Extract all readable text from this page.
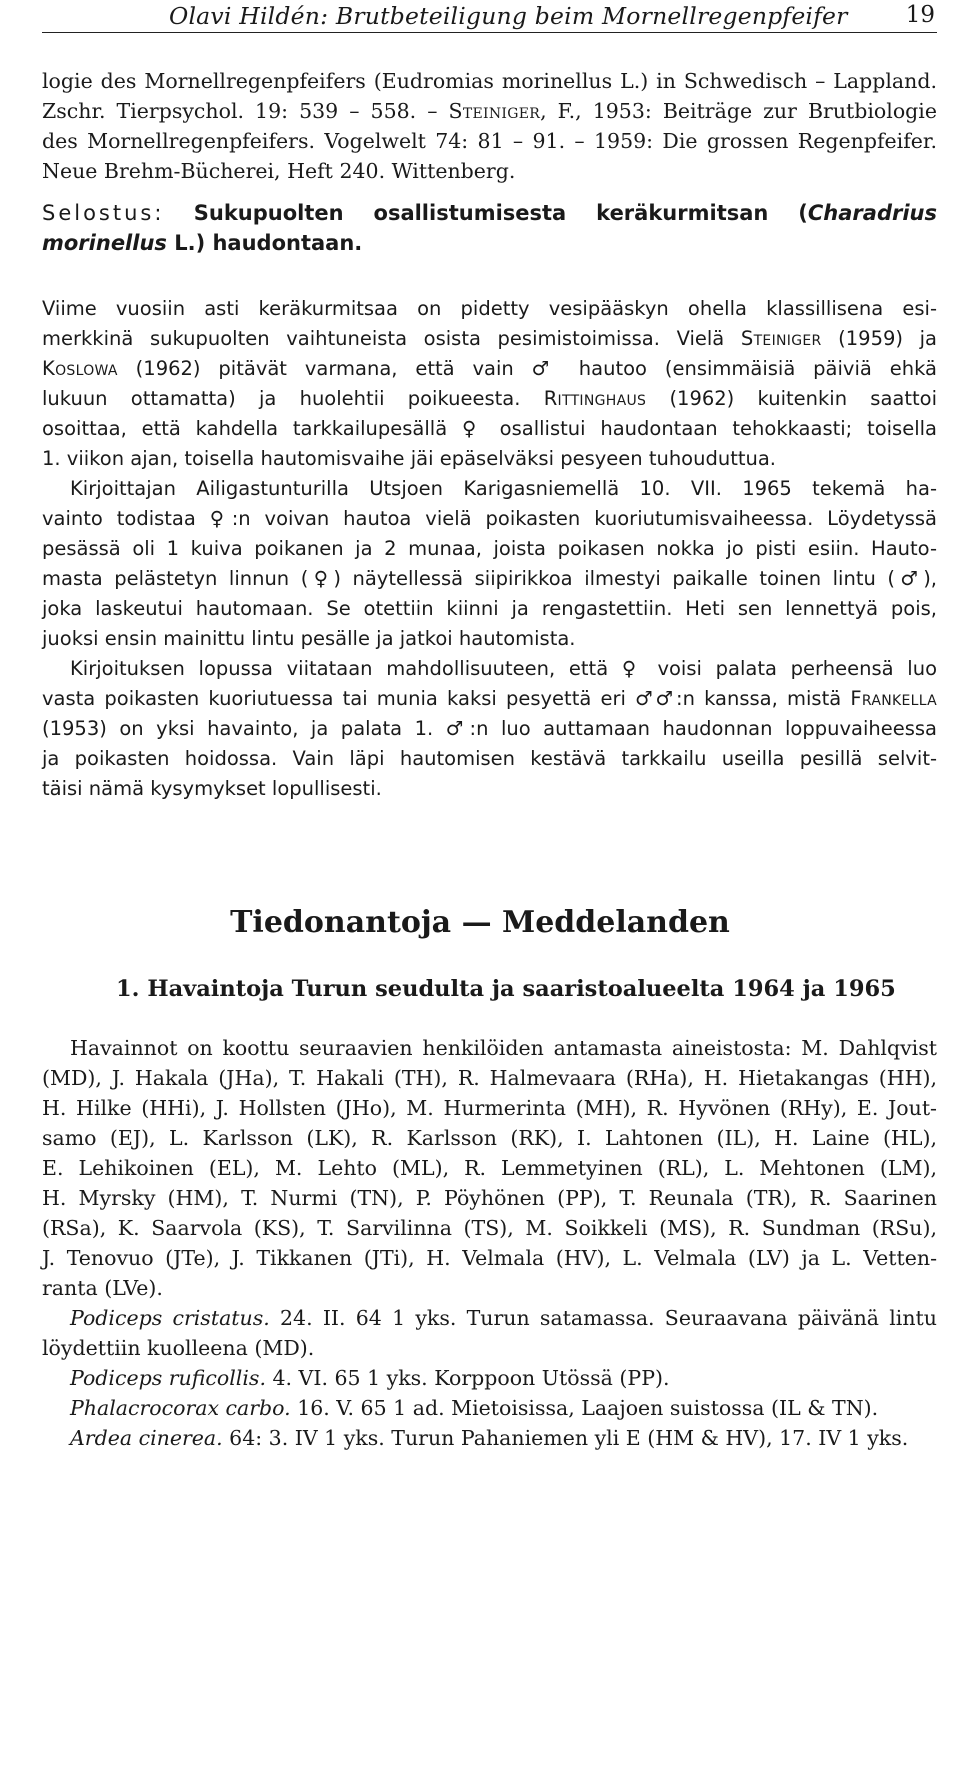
Olavi Hildén: Brutbeteiligung beim Mornellregenpfeifer	19
logie des Mornellregenpfeifers (Eudromias morinellus L.) in Schwedisch – Lappland.
Zschr. Tierpsychol. 19: 539 – 558. – Steiniger, F., 1953: Beiträge zur Brutbiologie
des Mornellregenpfeifers. Vogelwelt 74: 81 – 91. – 1959: Die grossen Regenpfeifer.
Neue Brehm-Bücherei, Heft 240. Wittenberg.
Selostus: Sukupuolten osallistumisesta keräkurmitsan (Charadrius
morinellus L.) haudontaan.
Viime vuosiin asti keräkurmitsaa on pidetty vesipääskyn ohella klassillisena esi-
merkkinä sukupuolten vaihtuneista osista pesimistoimissa. Vielä Steiniger (1959) ja
Koslowa (1962) pitävät varmana, että vain ♂ hautoo (ensimmäisiä päiviä ehkä
lukuun ottamatta) ja huolehtii poikueesta. Rittinghaus (1962) kuitenkin saattoi
osoittaa, että kahdella tarkkailupesällä ♀ osallistui haudontaan tehokkaasti; toisella
1. viikon ajan, toisella hautomisvaihe jäi epäselväksi pesyeen tuhouduttua.
Kirjoittajan Ailigastunturilla Utsjoen Karigasniemellä 10. VII. 1965 tekemä ha-
vainto todistaa ♀:n voivan hautoa vielä poikasten kuoriutumisvaiheessa. Löydetyssä
pesässä oli 1 kuiva poikanen ja 2 munaa, joista poikasen nokka jo pisti esiin. Hauto-
masta pelästetyn linnun (♀) näytellessä siipirikkoa ilmestyi paikalle toinen lintu (♂),
joka laskeutui hautomaan. Se otettiin kiinni ja rengastettiin. Heti sen lennettyä pois,
juoksi ensin mainittu lintu pesälle ja jatkoi hautomista.
Kirjoituksen lopussa viitataan mahdollisuuteen, että ♀ voisi palata perheensä luo
vasta poikasten kuoriutuessa tai munia kaksi pesyettä eri ♂♂:n kanssa, mistä Frankella
(1953) on yksi havainto, ja palata 1. ♂:n luo auttamaan haudonnan loppuvaiheessa
ja poikasten hoidossa. Vain läpi hautomisen kestävä tarkkailu useilla pesillä selvit-
täisi nämä kysymykset lopullisesti.
Tiedonantoja — Meddelanden
1. Havaintoja Turun seudulta ja saaristoalueelta 1964 ja 1965
Havainnot on koottu seuraavien henkilöiden antamasta aineistosta: M. Dahlqvist
(MD), J. Hakala (JHa), T. Hakali (TH), R. Halmevaara (RHa), H. Hietakangas (HH),
H. Hilke (HHi), J. Hollsten (JHo), M. Hurmerinta (MH), R. Hyvönen (RHy), E. Jout-
samo (EJ), L. Karlsson (LK), R. Karlsson (RK), I. Lahtonen (IL), H. Laine (HL),
E. Lehikoinen (EL), M. Lehto (ML), R. Lemmetyinen (RL), L. Mehtonen (LM),
H. Myrsky (HM), T. Nurmi (TN), P. Pöyhönen (PP), T. Reunala (TR), R. Saarinen
(RSa), K. Saarvola (KS), T. Sarvilinna (TS), M. Soikkeli (MS), R. Sundman (RSu),
J. Tenovuo (JTe), J. Tikkanen (JTi), H. Velmala (HV), L. Velmala (LV) ja L. Vetten-
ranta (LVe).
Podiceps cristatus. 24. II. 64 1 yks. Turun satamassa. Seuraavana päivänä lintu
löydettiin kuolleena (MD).
Podiceps ruficollis. 4. VI. 65 1 yks. Korppoon Utössä (PP).
Phalacrocorax carbo. 16. V. 65 1 ad. Mietoisissa, Laajoen suistossa (IL & TN).
Ardea cinerea. 64: 3. IV 1 yks. Turun Pahaniemen yli E (HM & HV), 17. IV 1 yks.
